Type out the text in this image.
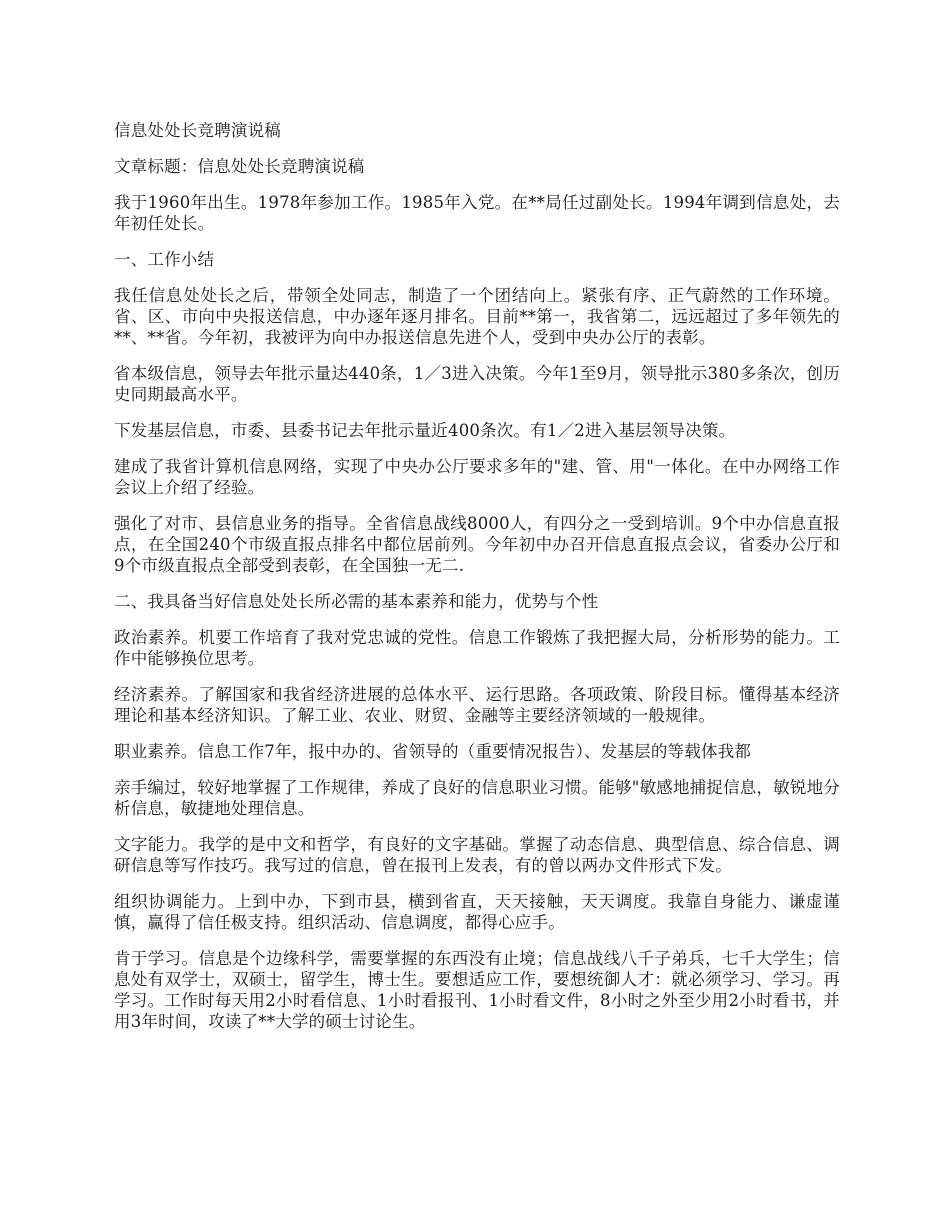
信息处处长竞聘演说稿

文章标题：信息处处长竞聘演说稿

我于1960年出生。1978年参加工作。1985年入党。在**局任过副处长。1994年调到信息处，去年初任处长。

一、工作小结

我任信息处处长之后，带领全处同志，制造了一个团结向上。紧张有序、正气蔚然的工作环境。省、区、市向中央报送信息，中办逐年逐月排名。目前**第一，我省第二，远远超过了多年领先的**、**省。今年初，我被评为向中办报送信息先进个人，受到中央办公厅的表彰。

省本级信息，领导去年批示量达440条，1／3进入决策。今年1至9月，领导批示380多条次，创历史同期最高水平。

下发基层信息，市委、县委书记去年批示量近400条次。有1／2进入基层领导决策。

建成了我省计算机信息网络，实现了中央办公厅要求多年的"建、管、用"一体化。在中办网络工作会议上介绍了经验。

强化了对市、县信息业务的指导。全省信息战线8000人，有四分之一受到培训。9个中办信息直报点，在全国240个市级直报点排名中都位居前列。今年初中办召开信息直报点会议，省委办公厅和9个市级直报点全部受到表彰，在全国独一无二.

二、我具备当好信息处处长所必需的基本素养和能力，优势与个性

政治素养。机要工作培育了我对党忠诚的党性。信息工作锻炼了我把握大局，分析形势的能力。工作中能够换位思考。

经济素养。了解国家和我省经济进展的总体水平、运行思路。各项政策、阶段目标。懂得基本经济理论和基本经济知识。了解工业、农业、财贸、金融等主要经济领域的一般规律。

职业素养。信息工作7年，报中办的、省领导的（重要情况报告）、发基层的等载体我都

亲手编过，较好地掌握了工作规律，养成了良好的信息职业习惯。能够"敏感地捕捉信息，敏锐地分析信息，敏捷地处理信息。

文字能力。我学的是中文和哲学，有良好的文字基础。掌握了动态信息、典型信息、综合信息、调研信息等写作技巧。我写过的信息，曾在报刊上发表，有的曾以两办文件形式下发。

组织协调能力。上到中办，下到市县，横到省直，天天接触，天天调度。我靠自身能力、谦虚谨慎，赢得了信任极支持。组织活动、信息调度，都得心应手。

肯于学习。信息是个边缘科学，需要掌握的东西没有止境；信息战线八千子弟兵，七千大学生；信息处有双学士，双硕士，留学生，博士生。要想适应工作，要想统御人才：就必须学习、学习。再学习。工作时每天用2小时看信息、1小时看报刊、1小时看文件，8小时之外至少用2小时看书，并用3年时间，攻读了**大学的硕士讨论生。
